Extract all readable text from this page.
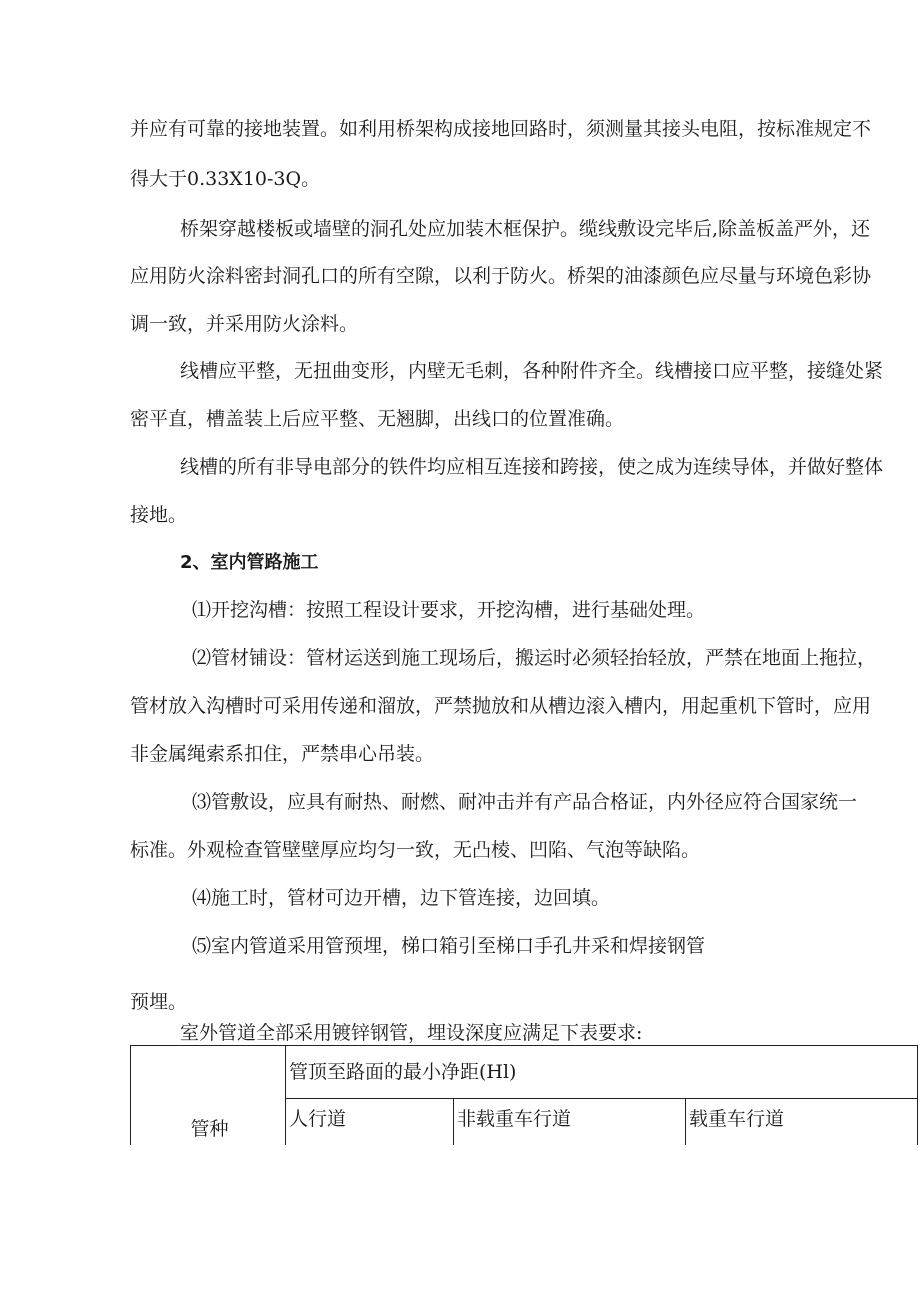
并应有可靠的接地装置。如利用桥架构成接地回路时，须测量其接头电阻，按标准规定不
得大于0.33X10-3Q。
桥架穿越楼板或墙壁的洞孔处应加装木框保护。缆线敷设完毕后,除盖板盖严外，还
应用防火涂料密封洞孔口的所有空隙，以利于防火。桥架的油漆颜色应尽量与环境色彩协
调一致，并采用防火涂料。
线槽应平整，无扭曲变形，内壁无毛刺，各种附件齐全。线槽接口应平整，接缝处紧
密平直，槽盖装上后应平整、无翘脚，出线口的位置准确。
线槽的所有非导电部分的铁件均应相互连接和跨接，使之成为连续导体，并做好整体
接地。
2、室内管路施工
⑴开挖沟槽：按照工程设计要求，开挖沟槽，进行基础处理。
⑵管材铺设：管材运送到施工现场后，搬运时必须轻抬轻放，严禁在地面上拖拉，
管材放入沟槽时可采用传递和溜放，严禁抛放和从槽边滚入槽内，用起重机下管时，应用
非金属绳索系扣住，严禁串心吊装。
⑶管敷设，应具有耐热、耐燃、耐冲击并有产品合格证，内外径应符合国家统一
标准。外观检查管壁壁厚应均匀一致，无凸棱、凹陷、气泡等缺陷。
⑷施工时，管材可边开槽，边下管连接，边回填。
⑸室内管道采用管预埋，梯口箱引至梯口手孔井采和焊接钢管
预埋。
室外管道全部采用镀锌钢管，埋设深度应满足下表要求:
管种	管顶至路面的最小净距(Hl)		
	人行道	非载重车行道	载重车行道
